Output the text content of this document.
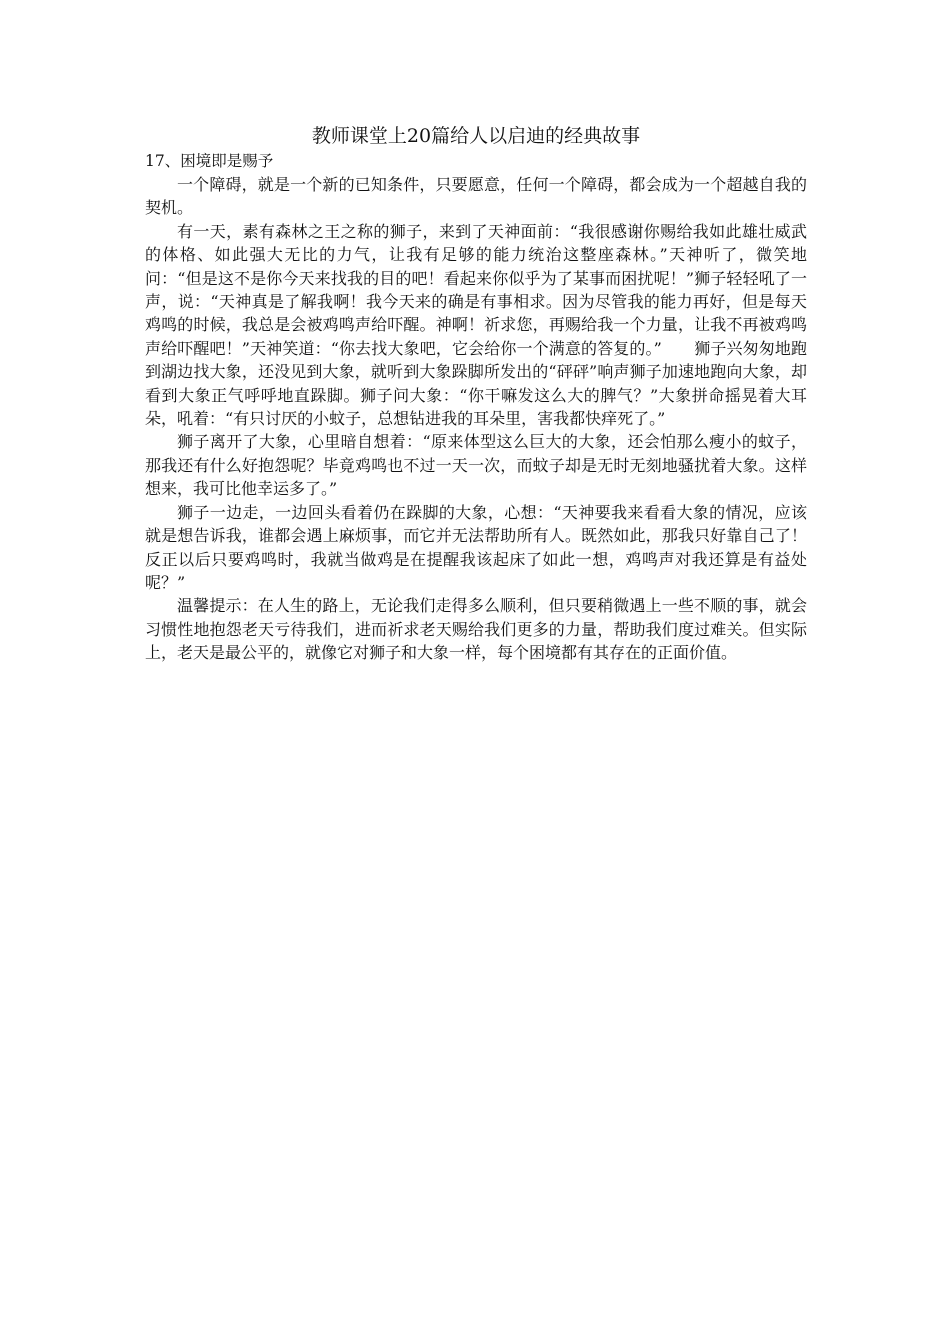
教师课堂上20篇给人以启迪的经典故事

17、困境即是赐予

一个障碍，就是一个新的已知条件，只要愿意，任何一个障碍，都会成为一个超越自我的契机。

有一天，素有森林之王之称的狮子，来到了天神面前：“我很感谢你赐给我如此雄壮威武的体格、如此强大无比的力气，让我有足够的能力统治这整座森林。”天神听了，微笑地问：“但是这不是你今天来找我的目的吧！看起来你似乎为了某事而困扰呢！”狮子轻轻吼了一声，说：“天神真是了解我啊！我今天来的确是有事相求。因为尽管我的能力再好，但是每天鸡鸣的时候，我总是会被鸡鸣声给吓醒。神啊！祈求您，再赐给我一个力量，让我不再被鸡鸣声给吓醒吧！”天神笑道：“你去找大象吧，它会给你一个满意的答复的。”　　狮子兴匆匆地跑到湖边找大象，还没见到大象，就听到大象跺脚所发出的“砰砰”响声狮子加速地跑向大象，却看到大象正气呼呼地直跺脚。狮子问大象：“你干嘛发这么大的脾气？”大象拼命摇晃着大耳朵，吼着：“有只讨厌的小蚊子，总想钻进我的耳朵里，害我都快痒死了。”

狮子离开了大象，心里暗自想着：“原来体型这么巨大的大象，还会怕那么瘦小的蚊子，那我还有什么好抱怨呢？毕竟鸡鸣也不过一天一次，而蚊子却是无时无刻地骚扰着大象。这样想来，我可比他幸运多了。”

狮子一边走，一边回头看着仍在跺脚的大象，心想：“天神要我来看看大象的情况，应该就是想告诉我，谁都会遇上麻烦事，而它并无法帮助所有人。既然如此，那我只好靠自己了！反正以后只要鸡鸣时，我就当做鸡是在提醒我该起床了如此一想，鸡鸣声对我还算是有益处呢？”

温馨提示：在人生的路上，无论我们走得多么顺利，但只要稍微遇上一些不顺的事，就会习惯性地抱怨老天亏待我们，进而祈求老天赐给我们更多的力量，帮助我们度过难关。但实际上，老天是最公平的，就像它对狮子和大象一样，每个困境都有其存在的正面价值。
